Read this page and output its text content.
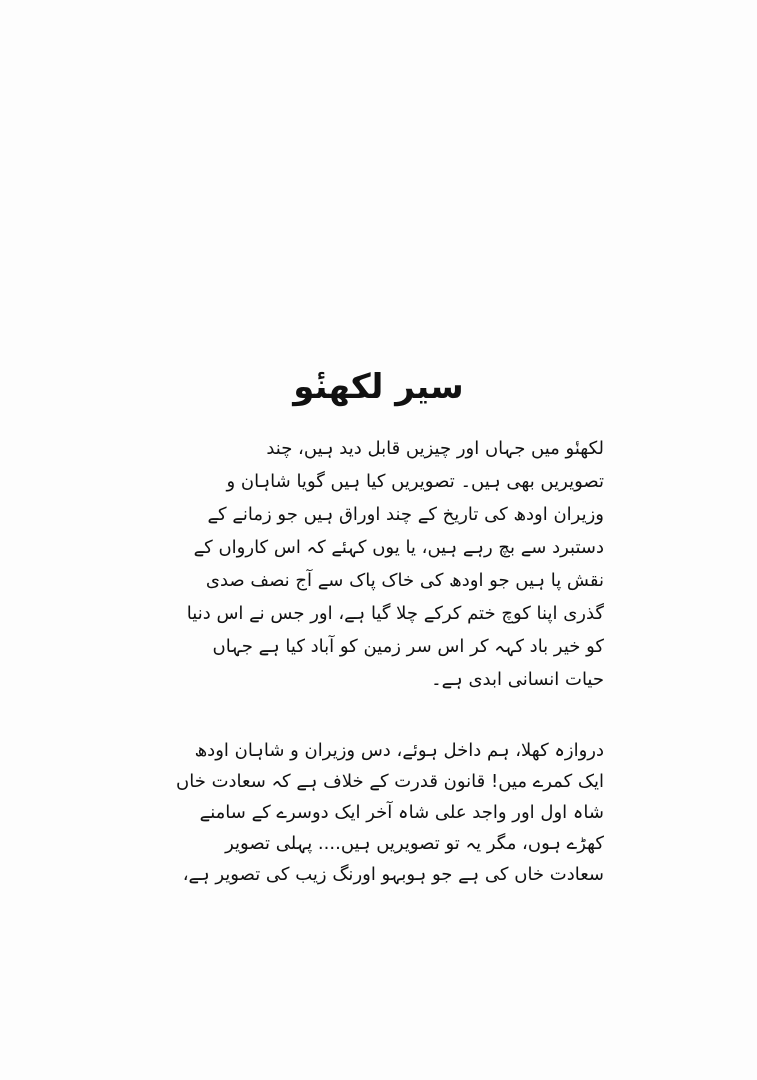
سیر لکھنٔو
لکھنٔو میں جہاں اور چیزیں قابل دید ہیں، چند
تصویریں بھی ہیں۔ تصویریں کیا ہیں گویا شاہان و
وزیران اودھ کی تاریخ کے چند اوراق ہیں جو زمانے کے
دستبرد سے بچ رہے ہیں، یا یوں کہئے کہ اس کارواں کے
نقش پا ہیں جو اودھ کی خاک پاک سے آج نصف صدی
گذری اپنا کوچ ختم کرکے چلا گیا ہے، اور جس نے اس دنیا
کو خیر باد کہہ کر اس سر زمین کو آباد کیا ہے جہاں
حیات انسانی ابدی ہے۔
دروازہ کھلا، ہم داخل ہوئے، دس وزیران و شاہان اودھ
ایک کمرے میں! قانون قدرت کے خلاف ہے کہ سعادت خاں
شاہ اول اور واجد علی شاہ آخر ایک دوسرے کے سامنے
کھڑے ہوں، مگر یہ تو تصویریں ہیں.... پہلی تصویر
سعادت خاں کی ہے جو ہوبہو اورنگ زیب کی تصویر ہے،
